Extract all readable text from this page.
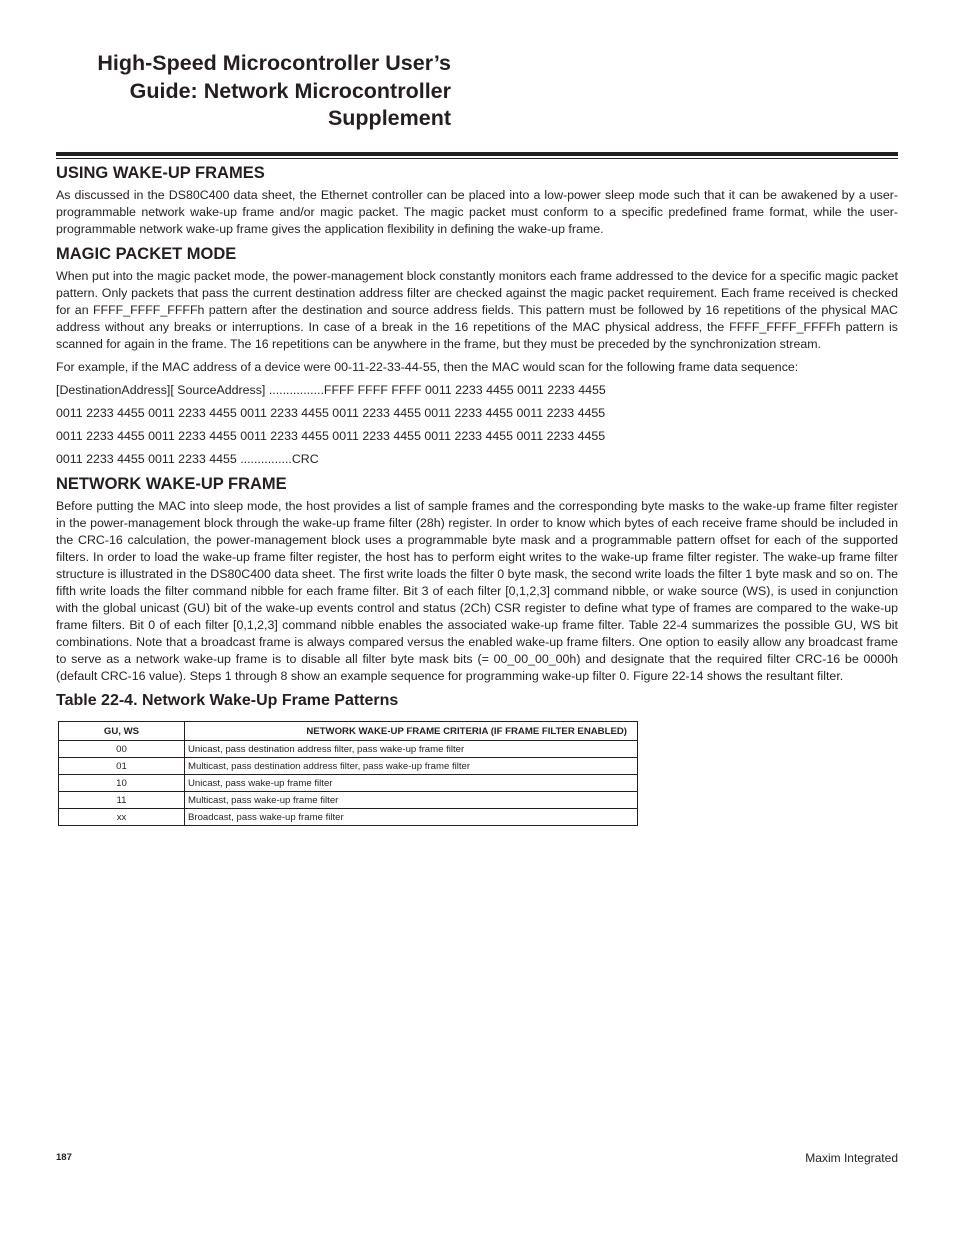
High-Speed Microcontroller User’s
Guide: Network Microcontroller
Supplement
USING WAKE-UP FRAMES

As discussed in the DS80C400 data sheet, the Ethernet controller can be placed into a low-power sleep mode such that it can be awakened by a user-programmable network wake-up frame and/or magic packet. The magic packet must conform to a specific predefined frame format, while the user-programmable network wake-up frame gives the application flexibility in defining the wake-up frame.

MAGIC PACKET MODE

When put into the magic packet mode, the power-management block constantly monitors each frame addressed to the device for a specific magic packet pattern. Only packets that pass the current destination address filter are checked against the magic packet requirement. Each frame received is checked for an FFFF_FFFF_FFFFh pattern after the destination and source address fields. This pattern must be followed by 16 repetitions of the physical MAC address without any breaks or interruptions. In case of a break in the 16 repetitions of the MAC physical address, the FFFF_FFFF_FFFFh pattern is scanned for again in the frame. The 16 repetitions can be anywhere in the frame, but they must be preceded by the synchronization stream.

For example, if the MAC address of a device were 00-11-22-33-44-55, then the MAC would scan for the following frame data sequence:

[DestinationAddress][ SourceAddress] ................FFFF FFFF FFFF 0011 2233 4455 0011 2233 4455
0011 2233 4455 0011 2233 4455 0011 2233 4455 0011 2233 4455 0011 2233 4455 0011 2233 4455
0011 2233 4455 0011 2233 4455 0011 2233 4455 0011 2233 4455 0011 2233 4455 0011 2233 4455
0011 2233 4455 0011 2233 4455 ...............CRC
NETWORK WAKE-UP FRAME

Before putting the MAC into sleep mode, the host provides a list of sample frames and the corresponding byte masks to the wake-up frame filter register in the power-management block through the wake-up frame filter (28h) register. In order to know which bytes of each receive frame should be included in the CRC-16 calculation, the power-management block uses a programmable byte mask and a programmable pattern offset for each of the supported filters. In order to load the wake-up frame filter register, the host has to perform eight writes to the wake-up frame filter register. The wake-up frame filter structure is illustrated in the DS80C400 data sheet. The first write loads the filter 0 byte mask, the second write loads the filter 1 byte mask and so on. The fifth write loads the filter command nibble for each frame filter. Bit 3 of each filter [0,1,2,3] command nibble, or wake source (WS), is used in conjunction with the global unicast (GU) bit of the wake-up events control and status (2Ch) CSR register to define what type of frames are compared to the wake-up frame filters. Bit 0 of each filter [0,1,2,3] command nibble enables the associated wake-up frame filter. Table 22-4 summarizes the possible GU, WS bit combinations. Note that a broadcast frame is always compared versus the enabled wake-up frame filters. One option to easily allow any broadcast frame to serve as a network wake-up frame is to disable all filter byte mask bits (= 00_00_00_00h) and designate that the required filter CRC-16 be 0000h (default CRC-16 value). Steps 1 through 8 show an example sequence for programming wake-up filter 0. Figure 22-14 shows the resultant filter.

Table 22-4. Network Wake-Up Frame Patterns
GU, WS	NETWORK WAKE-UP FRAME CRITERIA (IF FRAME FILTER ENABLED)
00	Unicast, pass destination address filter, pass wake-up frame filter
01	Multicast, pass destination address filter, pass wake-up frame filter
10	Unicast, pass wake-up frame filter
11	Multicast, pass wake-up frame filter
xx	Broadcast, pass wake-up frame filter
187	Maxim Integrated
